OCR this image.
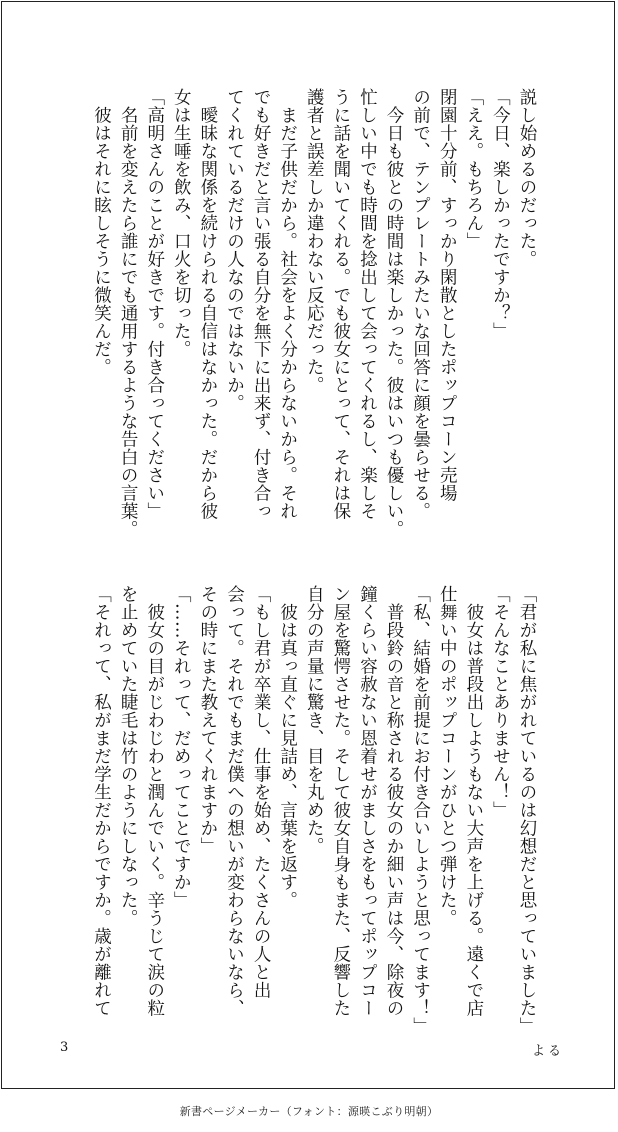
説し始めるのだった。

「今日、楽しかったですか？」

「ええ。もちろん」

閉園十分前、すっかり閑散としたポップコーン売場

の前で、テンプレートみたいな回答に顔を曇らせる。

　今日も彼との時間は楽しかった。彼はいつも優しい。

忙しい中でも時間を捻出して会ってくれるし、楽しそ

うに話を聞いてくれる。でも彼女にとって、それは保

護者と誤差しか違わない反応だった。

　まだ子供だから。社会をよく分からないから。それ

でも好きだと言い張る自分を無下に出来ず、付き合っ

てくれているだけの人なのではないか。

　曖昧な関係を続けられる自信はなかった。だから彼

女は生唾を飲み、口火を切った。

「高明さんのことが好きです。付き合ってください」

　名前を変えたら誰にでも通用するような告白の言葉。

　彼はそれに眩しそうに微笑んだ。

「君が私に焦がれているのは幻想だと思っていました」

「そんなことありません！」

　彼女は普段出しようもない大声を上げる。遠くで店

仕舞い中のポップコーンがひとつ弾けた。

「私、結婚を前提にお付き合いしようと思ってます！」

　普段鈴の音と称される彼女のか細い声は今、除夜の

鐘くらい容赦ない恩着せがましさをもってポップコー

ン屋を驚愕させた。そして彼女自身もまた、反響した

自分の声量に驚き、目を丸めた。

　彼は真っ直ぐに見詰め、言葉を返す。

「もし君が卒業し、仕事を始め、たくさんの人と出

会って。それでもまだ僕への想いが変わらないなら、

その時にまた教えてくれますか」

「……それって、だめってことですか」

　彼女の目がじわじわと潤んでいく。辛うじて涙の粒

を止めていた睫毛は竹のようにしなった。

「それって、私がまだ学生だからですか。歳が離れて

3	よる
新書ページメーカー（フォント：源暎こぶり明朝）
